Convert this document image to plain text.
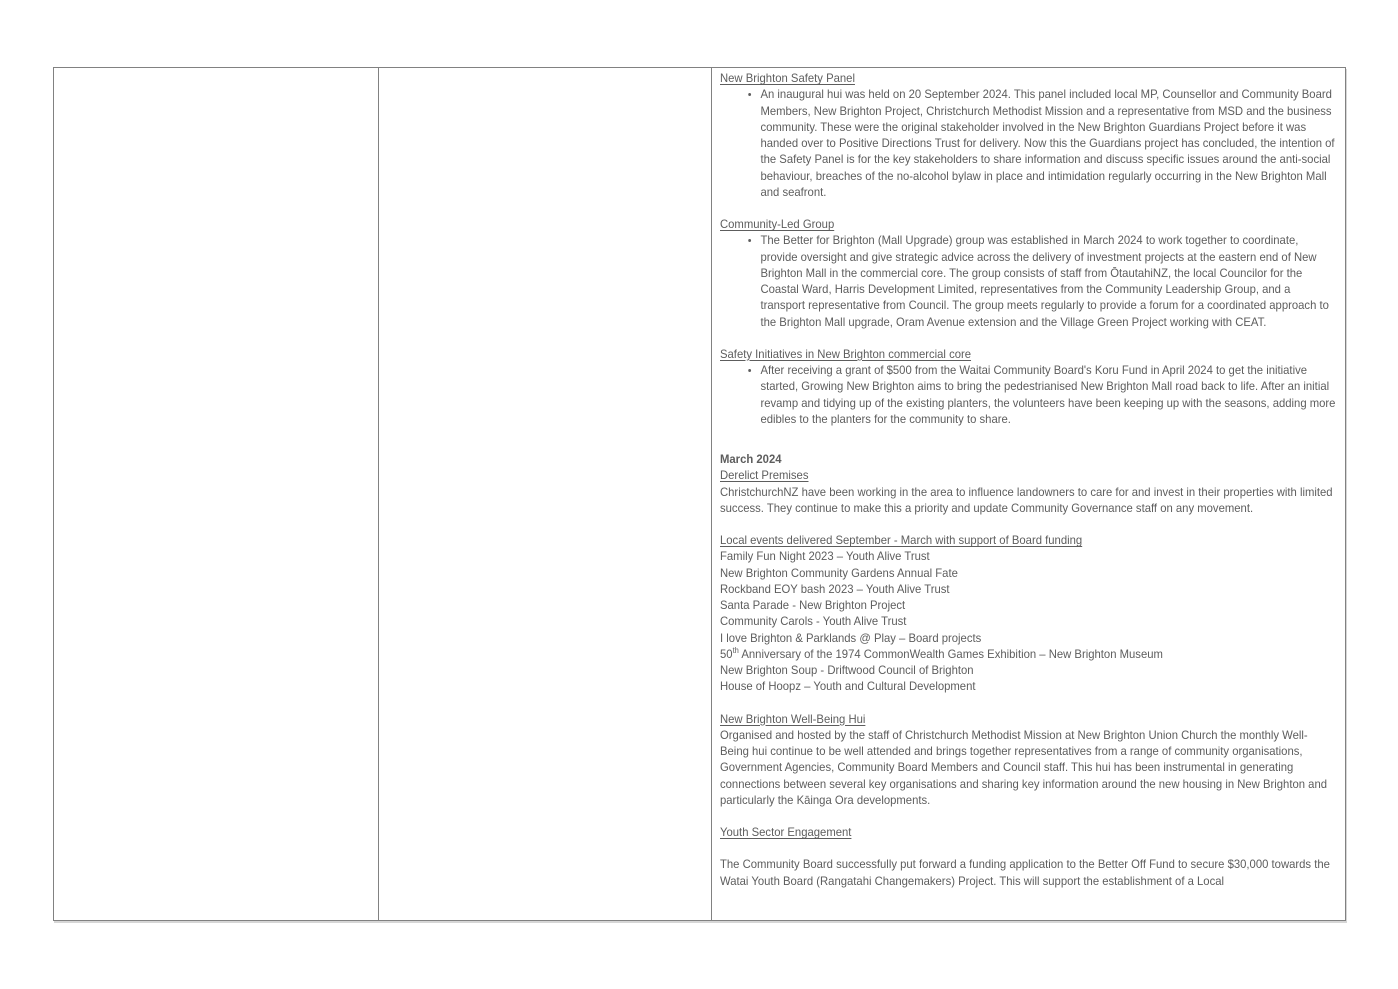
New Brighton Safety Panel
• An inaugural hui was held on 20 September 2024. This panel included local MP, Counsellor and Community Board Members, New Brighton Project, Christchurch Methodist Mission and a representative from MSD and the business community. These were the original stakeholder involved in the New Brighton Guardians Project before it was handed over to Positive Directions Trust for delivery. Now this the Guardians project has concluded, the intention of the Safety Panel is for the key stakeholders to share information and discuss specific issues around the anti-social behaviour, breaches of the no-alcohol bylaw in place and intimidation regularly occurring in the New Brighton Mall and seafront.
Community-Led Group
• The Better for Brighton (Mall Upgrade) group was established in March 2024 to work together to coordinate, provide oversight and give strategic advice across the delivery of investment projects at the eastern end of New Brighton Mall in the commercial core. The group consists of staff from ŌtautahiNZ, the local Councilor for the Coastal Ward, Harris Development Limited, representatives from the Community Leadership Group, and a transport representative from Council. The group meets regularly to provide a forum for a coordinated approach to the Brighton Mall upgrade, Oram Avenue extension and the Village Green Project working with CEAT.
Safety Initiatives in New Brighton commercial core
• After receiving a grant of $500 from the Waitai Community Board's Koru Fund in April 2024 to get the initiative started, Growing New Brighton aims to bring the pedestrianised New Brighton Mall road back to life. After an initial revamp and tidying up of the existing planters, the volunteers have been keeping up with the seasons, adding more edibles to the planters for the community to share.
March 2024
Derelict Premises

ChristchurchNZ have been working in the area to influence landowners to care for and invest in their properties with limited success. They continue to make this a priority and update Community Governance staff on any movement.

Local events delivered September - March with support of Board funding
Family Fun Night 2023 – Youth Alive Trust
New Brighton Community Gardens Annual Fate
Rockband EOY bash 2023 – Youth Alive Trust
Santa Parade - New Brighton Project
Community Carols - Youth Alive Trust
I love Brighton & Parklands @ Play – Board projects
50th Anniversary of the 1974 CommonWealth Games Exhibition – New Brighton Museum
New Brighton Soup - Driftwood Council of Brighton
House of Hoopz – Youth and Cultural Development
New Brighton Well-Being Hui

Organised and hosted by the staff of Christchurch Methodist Mission at New Brighton Union Church the monthly Well-Being hui continue to be well attended and brings together representatives from a range of community organisations, Government Agencies, Community Board Members and Council staff. This hui has been instrumental in generating connections between several key organisations and sharing key information around the new housing in New Brighton and particularly the Kāinga Ora developments.

Youth Sector Engagement

The Community Board successfully put forward a funding application to the Better Off Fund to secure $30,000 towards the Watai Youth Board (Rangatahi Changemakers) Project. This will support the establishment of a Local
